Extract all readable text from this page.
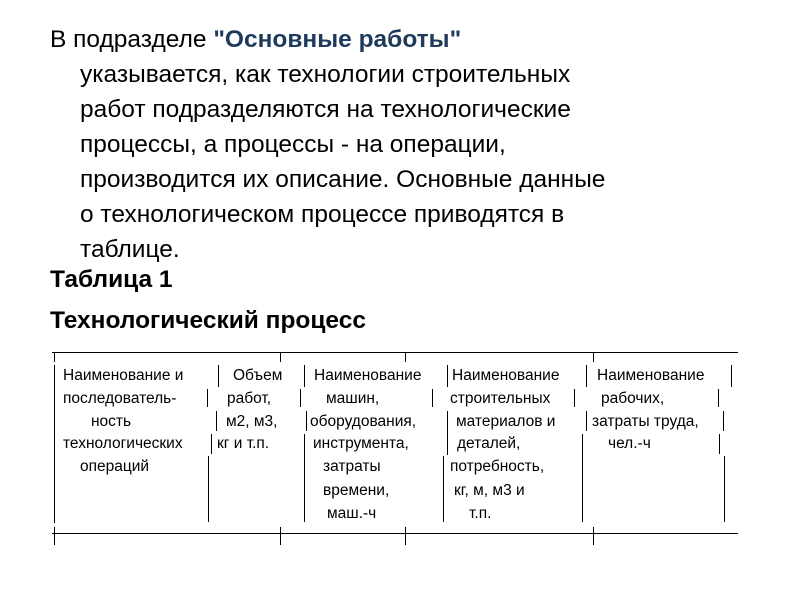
В подразделе "Основные работы"
указывается, как технологии строительных
работ подразделяются на технологические
процессы, а процессы - на операции,
производится их описание. Основные данные
о технологическом процессе приводятся в
таблице.
Таблица 1
Технологический процесс
Наименование и
последователь-
ность
технологических
операций
Объем
работ,
м2, м3,
кг и т.п.
Наименование
машин,
оборудования,
инструмента,
затраты
времени,
маш.-ч
Наименование
строительных
материалов и
деталей,
потребность,
кг, м, м3 и
т.п.
Наименование
рабочих,
затраты труда,
чел.-ч
